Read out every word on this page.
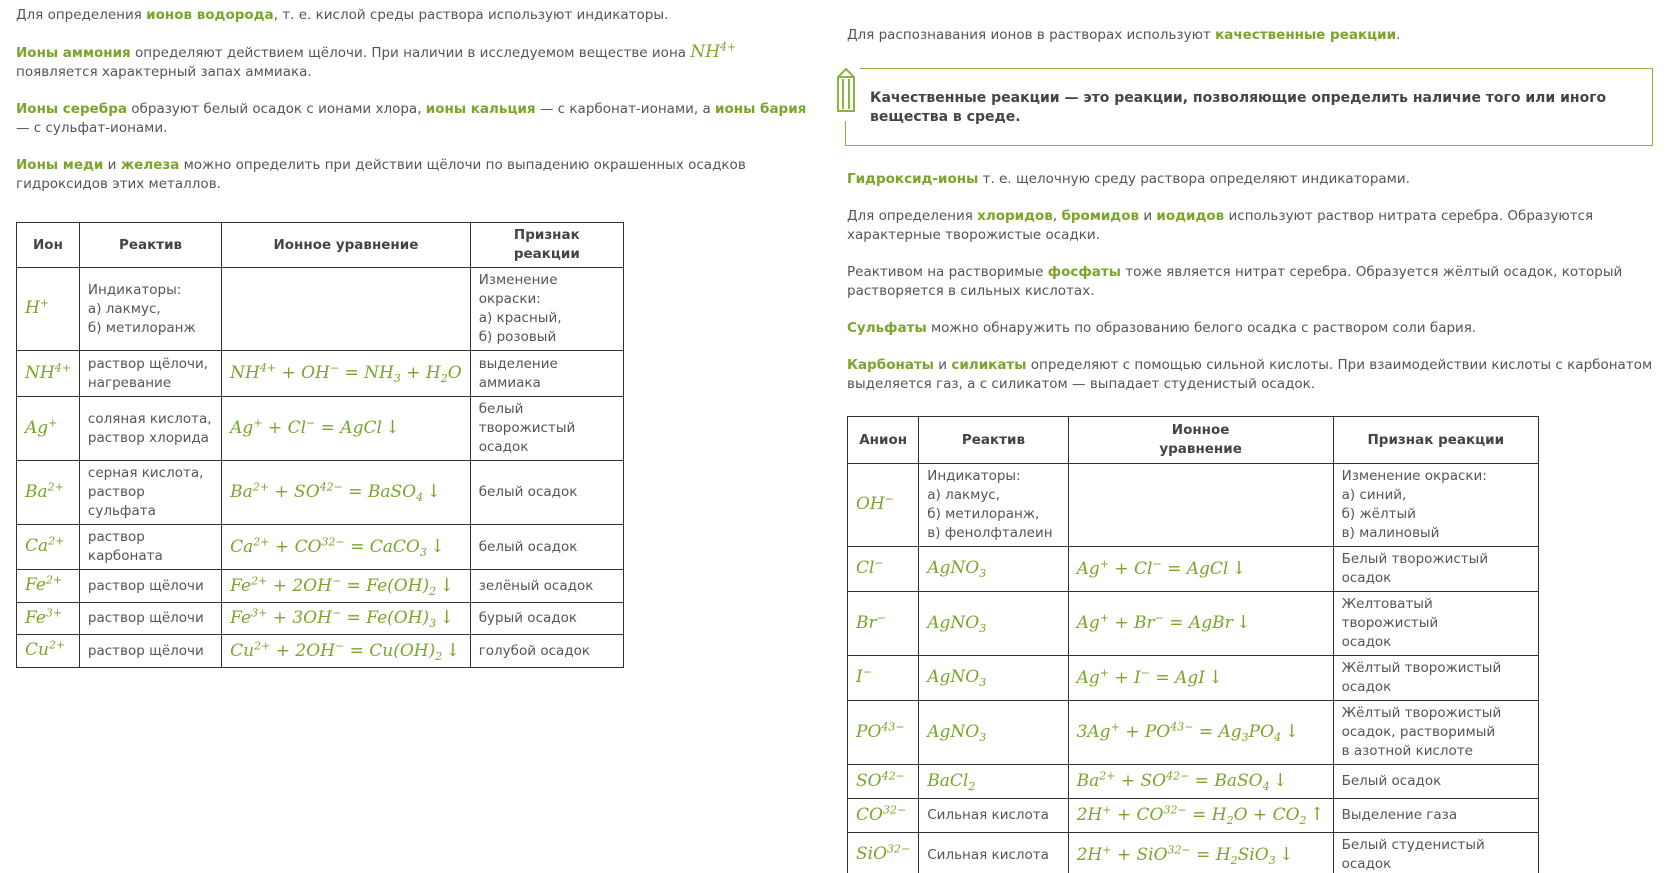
Для определения ионов водорода, т. е. кислой среды раствора используют индикаторы.

Ионы аммония определяют действием щёлочи. При наличии в исследуемом веществе иона $NH^{4+}$ появляется характерный запах аммиака.

Ионы серебра образуют белый осадок с ионами хлора, ионы кальция — с карбонат-ионами, а ионы бария — с сульфат-ионами.

Ионы меди и железа можно определить при действии щёлочи по выпадению окрашенных осадков гидроксидов этих металлов.

Ион	Реактив	Ионное уравнение	Признак реакции
H+	Индикаторы:
а) лакмус,
б) метилоранж		Изменение окраски:
а) красный,
б) розовый
$NH^{4+}$	раствор щёлочи,
нагревание	$NH^{4+} + OH^- = NH_3 + H_2O$	выделение аммиака
Ag+	соляная кислота,
раствор хлорида	Ag+ + Cl− = AgCl ↓	белый творожистый
осадок
$Ba^{2+}$	серная кислота,
раствор сульфата	$Ba^{2+} + SO^{42-}$ = BaSO$_4$ ↓	белый осадок
$Ca^{2+}$	раствор
карбоната	$Ca^{2+} + CO^{32-}$ = CaCO$_3$ ↓	белый осадок
$Fe^{2+}$	раствор щёлочи	$Fe^{2+} + 2OH^- = Fe(OH)_2$ ↓	зелёный осадок
$Fe^{3+}$	раствор щёлочи	$Fe^{3+} + 3OH^- = Fe(OH)_3$ ↓	бурый осадок
$Cu^{2+}$	раствор щёлочи	$Cu^{2+} + 2OH^- = Cu(OH)_2$ ↓	голубой осадок

Для распознавания ионов в растворах используют качественные реакции.

Качественные реакции — это реакции, позволяющие определить наличие того или иного вещества в среде.

Гидроксид-ионы т. е. щелочную среду раствора определяют индикаторами.

Для определения хлоридов, бромидов и иодидов используют раствор нитрата серебра. Образуются характерные творожистые осадки.

Реактивом на растворимые фосфаты тоже является нитрат серебра. Образуется жёлтый осадок, который растворяется в сильных кислотах.

Сульфаты можно обнаружить по образованию белого осадка с раствором соли бария.

Карбонаты и силикаты определяют с помощью сильной кислоты. При взаимодействии кислоты с карбонатом выделяется газ, а с силикатом — выпадает студенистый осадок.

Анион	Реактив	Ионное
уравнение	Признак реакции
OH−	Индикаторы:
а) лакмус,
б) метилоранж,
в) фенолфталеин		Изменение окраски:
а) синий,
б) жёлтый
в) малиновый
Cl−	AgNO$_3$	Ag+ + Cl− = AgCl ↓	Белый творожистый осадок
Br−	AgNO$_3$	Ag+ + Br− = AgBr ↓	Желтоватый творожистый
осадок
I−	AgNO$_3$	Ag+ + I− = AgI ↓	Жёлтый творожистый осадок
$PO^{43-}$	AgNO$_3$	$3Ag^+ + PO^{43-} = Ag_3PO_4$ ↓	Жёлтый творожистый
осадок, растворимый
в азотной кислоте
$SO^{42-}$	BaCl$_2$	$Ba^{2+} + SO^{42-}$ = BaSO$_4$ ↓	Белый осадок
$CO^{32-}$	Сильная кислота	$2H^+ + CO^{32-} = H_2O + CO_2$ ↑	Выделение газа
SiO$^{32-}$	Сильная кислота	$2H^+ + SiO^{32-} = H_2SiO_3$ ↓	Белый студенистый
осадок
